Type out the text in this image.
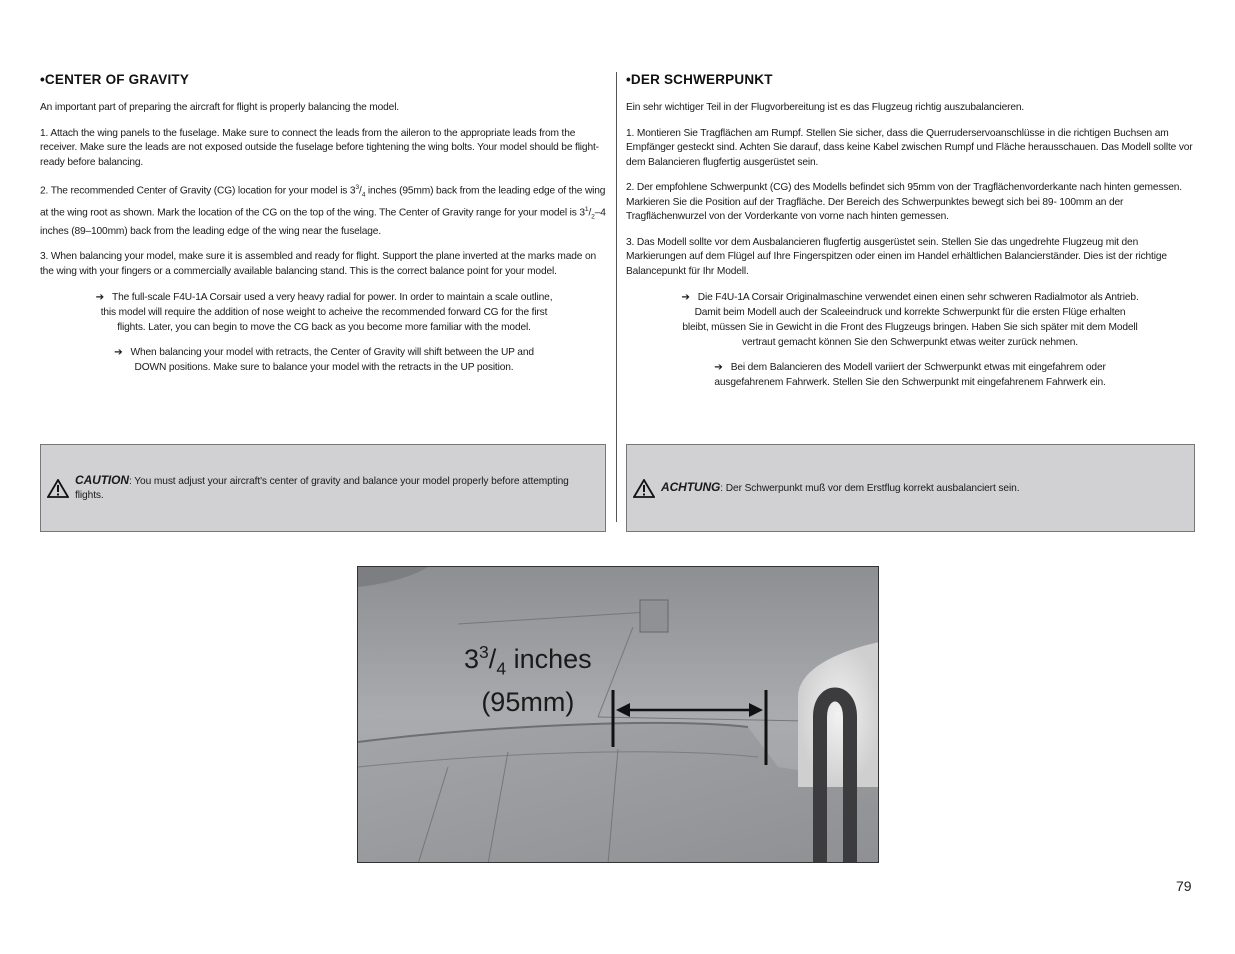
•CENTER OF GRAVITY

An important part of preparing the aircraft for flight is properly balancing the model.

1. Attach the wing panels to the fuselage. Make sure to connect the leads from the aileron to the appropriate leads from the receiver. Make sure the leads are not exposed outside the fuselage before tightening the wing bolts. Your model should be flight-ready before balancing.

2. The recommended Center of Gravity (CG) location for your model is $3^3/_4$ inches (95mm) back from the leading edge of the wing at the wing root as shown. Mark the location of the CG on the top of the wing. The Center of Gravity range for your model is $3^1/_2-4$ inches (89–100mm) back from the leading edge of the wing near the fuselage.

3. When balancing your model, make sure it is assembled and ready for flight. Support the plane inverted at the marks made on the wing with your fingers or a commercially available balancing stand. This is the correct balance point for your model.

➔ The full-scale F4U-1A Corsair used a very heavy radial for power. In order to maintain a scale outline, this model will require the addition of nose weight to acheive the recommended forward CG for the first flights. Later, you can begin to move the CG back as you become more familiar with the model.

➔ When balancing your model with retracts, the Center of Gravity will shift between the UP and DOWN positions. Make sure to balance your model with the retracts in the UP position.

•DER SCHWERPUNKT

Ein sehr wichtiger Teil in der Flugvorbereitung ist es das Flugzeug richtig auszubalancieren.

1. Montieren Sie Tragflächen am Rumpf. Stellen Sie sicher, dass die Querruderservoanschlüsse in die richtigen Buchsen am Empfänger gesteckt sind. Achten Sie darauf, dass keine Kabel zwischen Rumpf und Fläche herausschauen. Das Modell sollte vor dem Balancieren flugfertig ausgerüstet sein.

2. Der empfohlene Schwerpunkt (CG) des Modells befindet sich 95mm von der Tragflächenvorderkante nach hinten gemessen. Markieren Sie die Position auf der Tragfläche. Der Bereich des Schwerpunktes bewegt sich bei 89- 100mm an der Tragflächenwurzel von der Vorderkante von vorne nach hinten gemessen.

3. Das Modell sollte vor dem Ausbalancieren flugfertig ausgerüstet sein. Stellen Sie das ungedrehte Flugzeug mit den Markierungen auf dem Flügel auf Ihre Fingerspitzen oder einen im Handel erhältlichen Balancierständer. Dies ist der richtige Balancepunkt für Ihr Modell.

➔ Die F4U-1A Corsair Originalmaschine verwendet einen einen sehr schweren Radialmotor als Antrieb. Damit beim Modell auch der Scaleeindruck und korrekte Schwerpunkt für die ersten Flüge erhalten bleibt, müssen Sie in Gewicht in die Front des Flugzeugs bringen. Haben Sie sich später mit dem Modell vertraut gemacht können Sie den Schwerpunkt etwas weiter zurück nehmen.

➔ Bei dem Balancieren des Modell variiert der Schwerpunkt etwas mit eingefahrem oder ausgefahrenem Fahrwerk. Stellen Sie den Schwerpunkt mit eingefahrenem Fahrwerk ein.

CAUTION: You must adjust your aircraft's center of gravity and balance your model properly before attempting flights.
ACHTUNG: Der Schwerpunkt muß vor dem Erstflug korrekt ausbalanciert sein.
$3^3/_4$ inches
(95mm)
79
